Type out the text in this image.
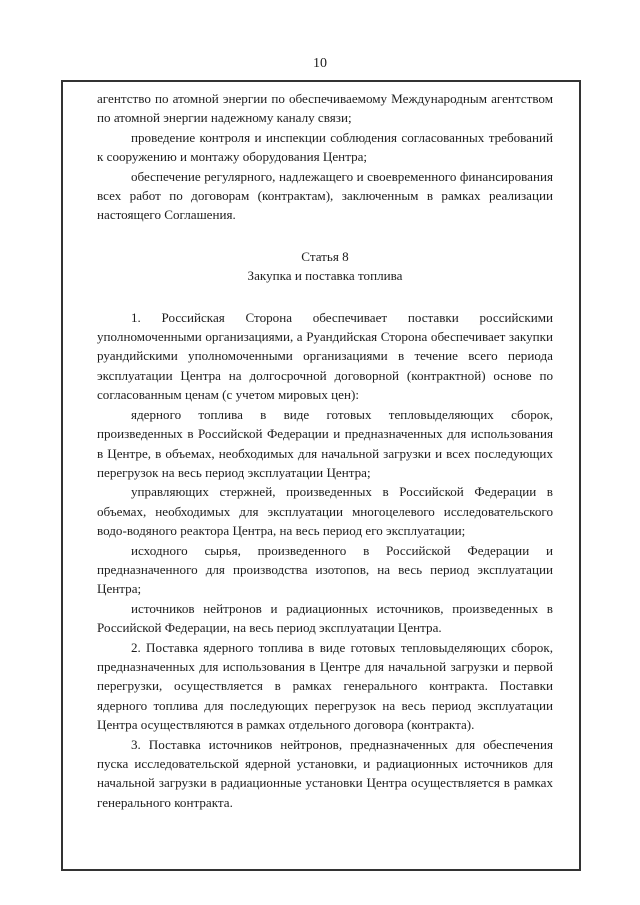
10

агентство по атомной энергии по обеспечиваемому Международным агентством по атомной энергии надежному каналу связи;

проведение контроля и инспекции соблюдения согласованных требований к сооружению и монтажу оборудования Центра;

обеспечение регулярного, надлежащего и своевременного финансирования всех работ по договорам (контрактам), заключенным в рамках реализации настоящего Соглашения.

Статья 8

Закупка и поставка топлива

1. Российская Сторона обеспечивает поставки российскими уполномоченными организациями, а Руандийская Сторона обеспечивает закупки руандийскими уполномоченными организациями в течение всего периода эксплуатации Центра на долгосрочной договорной (контрактной) основе по согласованным ценам (с учетом мировых цен):

ядерного топлива в виде готовых тепловыделяющих сборок, произведенных в Российской Федерации и предназначенных для использования в Центре, в объемах, необходимых для начальной загрузки и всех последующих перегрузок на весь период эксплуатации Центра;

управляющих стержней, произведенных в Российской Федерации в объемах, необходимых для эксплуатации многоцелевого исследовательского водо-водяного реактора Центра, на весь период его эксплуатации;

исходного сырья, произведенного в Российской Федерации и предназначенного для производства изотопов, на весь период эксплуатации Центра;

источников нейтронов и радиационных источников, произведенных в Российской Федерации, на весь период эксплуатации Центра.

2. Поставка ядерного топлива в виде готовых тепловыделяющих сборок, предназначенных для использования в Центре для начальной загрузки и первой перегрузки, осуществляется в рамках генерального контракта. Поставки ядерного топлива для последующих перегрузок на весь период эксплуатации Центра осуществляются в рамках отдельного договора (контракта).

3. Поставка источников нейтронов, предназначенных для обеспечения пуска исследовательской ядерной установки, и радиационных источников для начальной загрузки в радиационные установки Центра осуществляется в рамках генерального контракта.
